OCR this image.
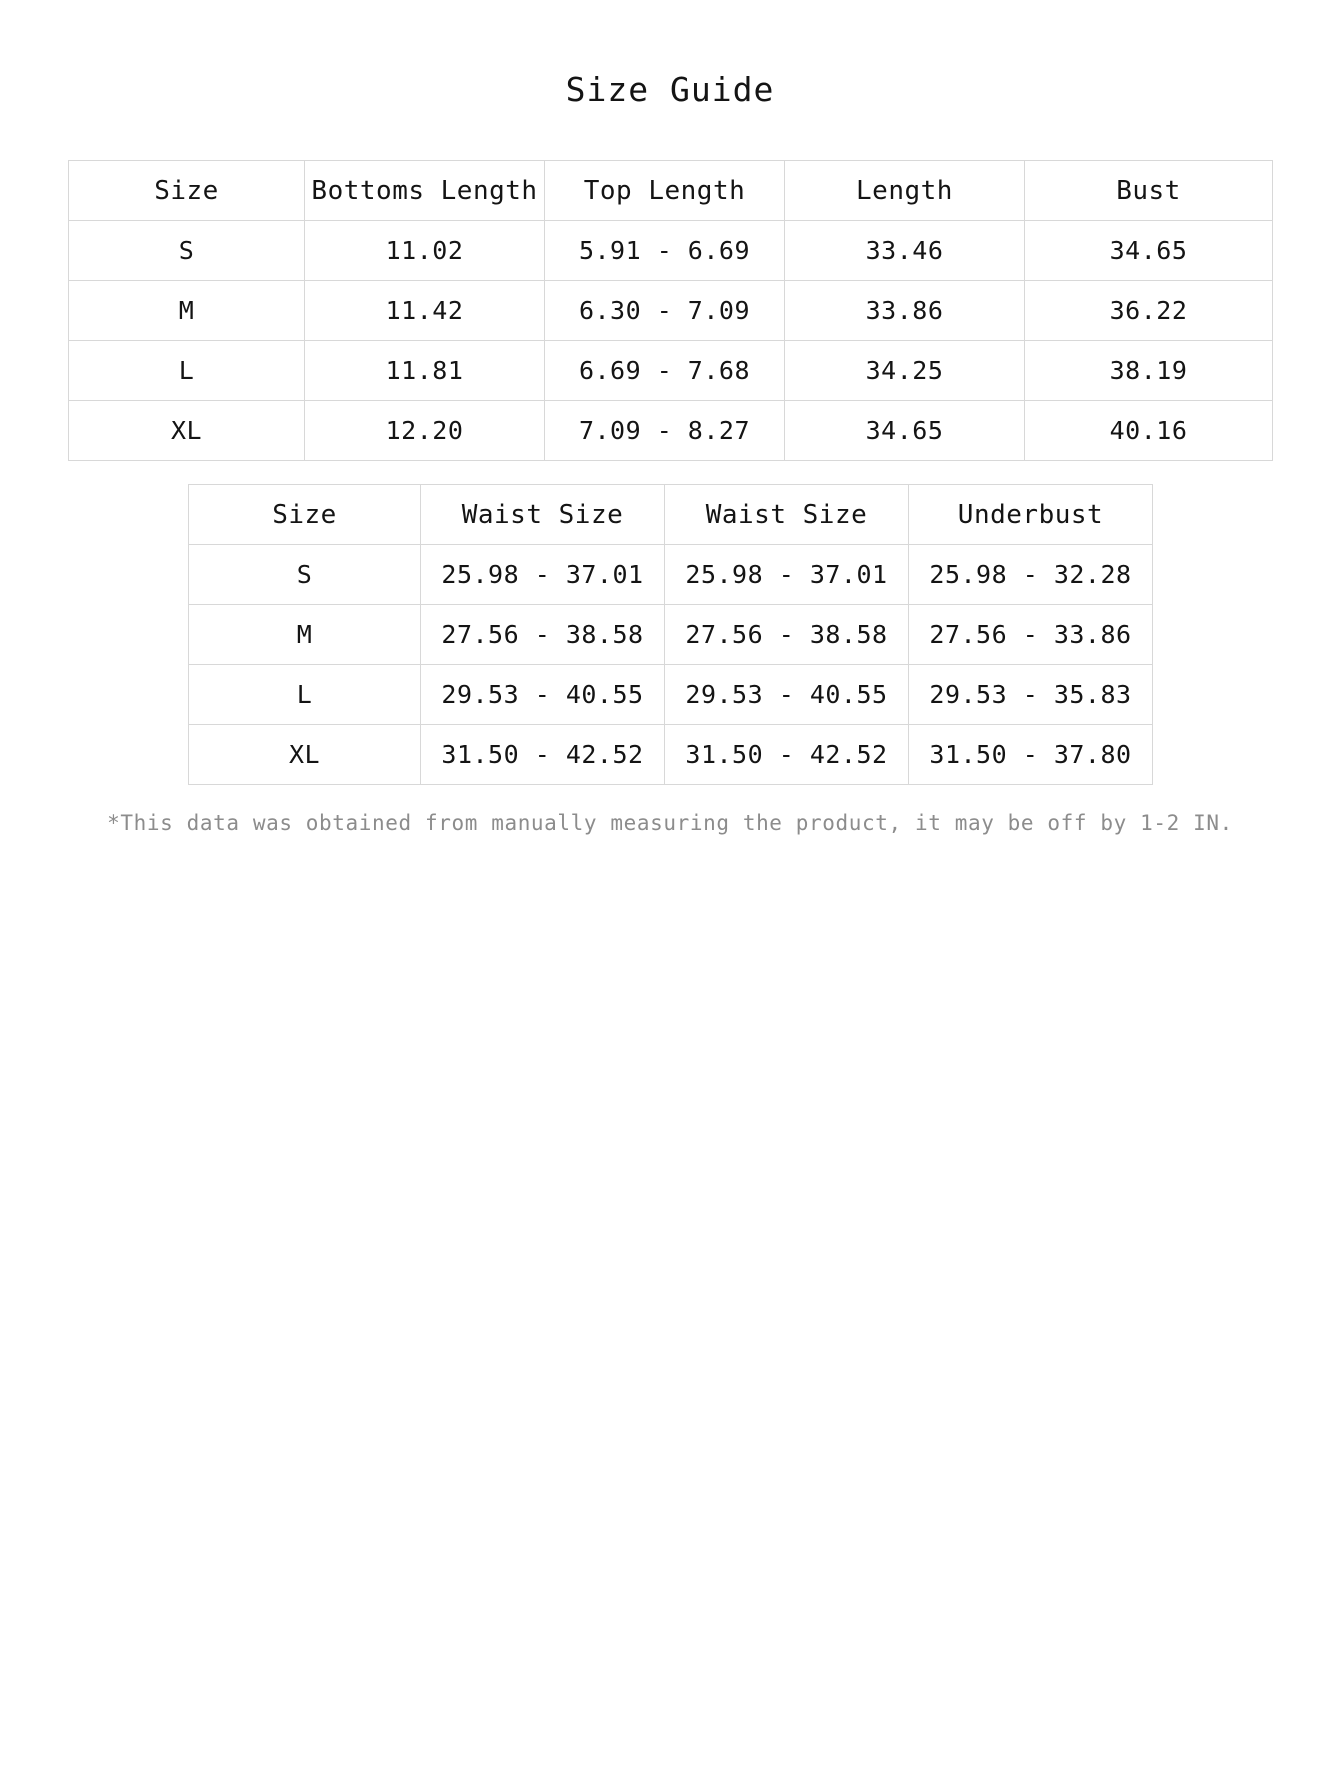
Size Guide
Size	Bottoms Length	Top Length	Length	Bust
S	11.02	5.91 - 6.69	33.46	34.65
M	11.42	6.30 - 7.09	33.86	36.22
L	11.81	6.69 - 7.68	34.25	38.19
XL	12.20	7.09 - 8.27	34.65	40.16
Size	Waist Size	Waist Size	Underbust
S	25.98 - 37.01	25.98 - 37.01	25.98 - 32.28
M	27.56 - 38.58	27.56 - 38.58	27.56 - 33.86
L	29.53 - 40.55	29.53 - 40.55	29.53 - 35.83
XL	31.50 - 42.52	31.50 - 42.52	31.50 - 37.80
*This data was obtained from manually measuring the product, it may be off by 1-2 IN.
